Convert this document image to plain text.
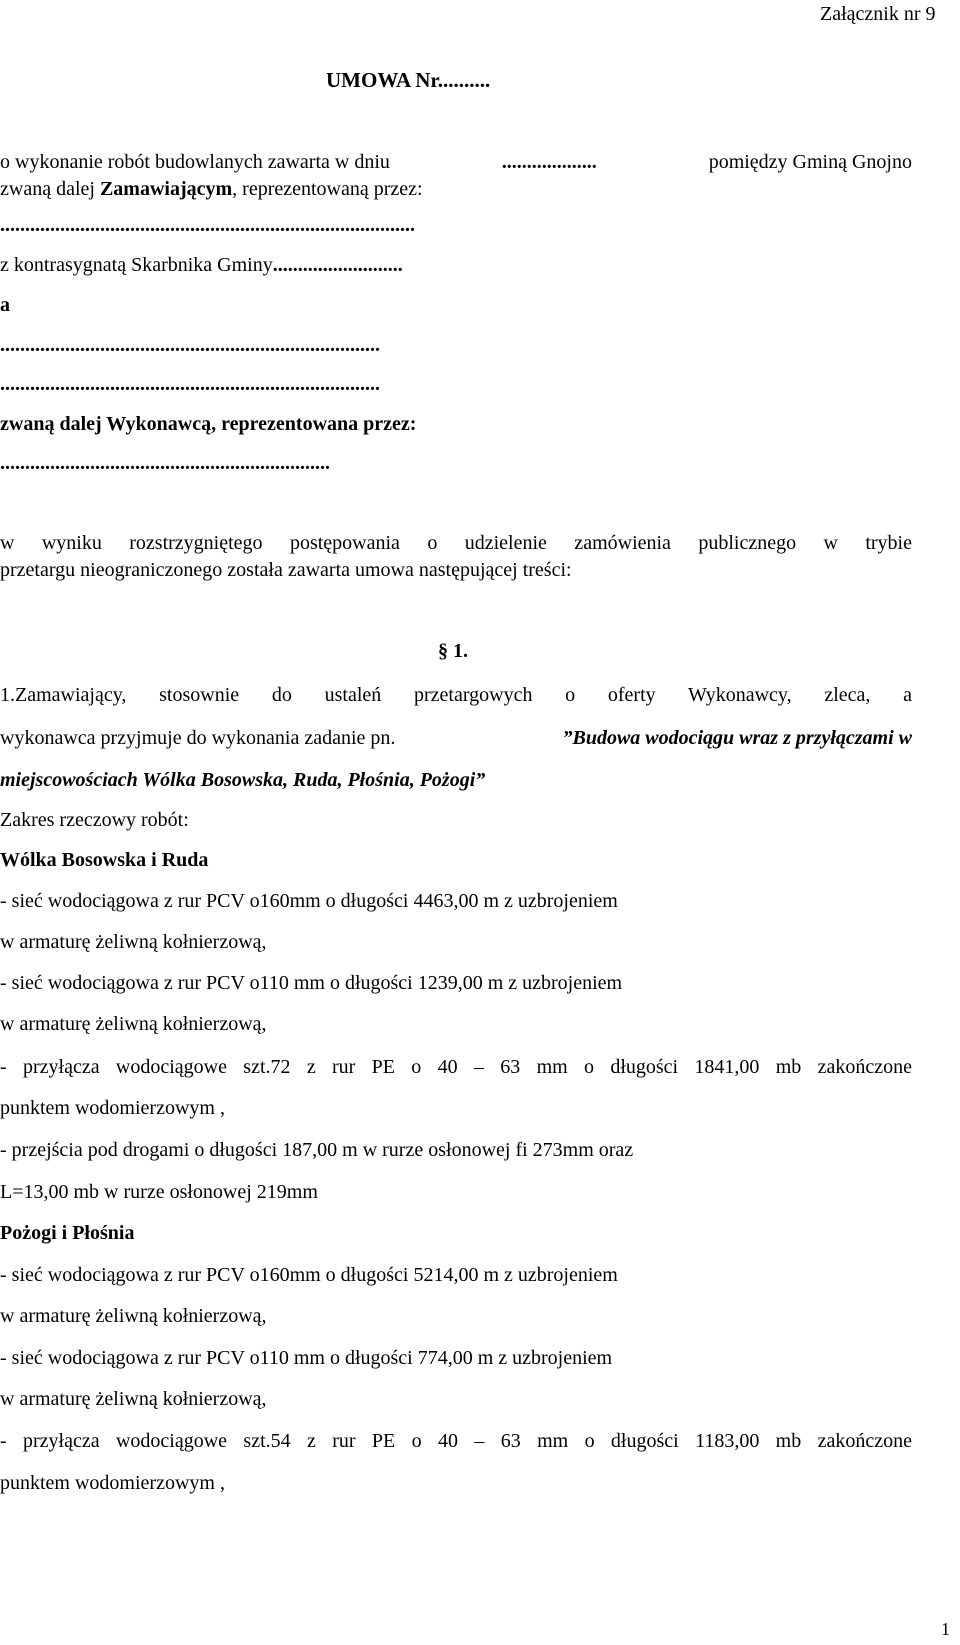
Załącznik nr 9
UMOWA Nr..........
o wykonanie robót budowlanych zawarta w dniu	...................	pomiędzy Gminą Gnojno
zwaną dalej Zamawiającym, reprezentowaną przez:
...................................................................................
z kontrasygnatą Skarbnika Gminy..........................
a
............................................................................
............................................................................
zwaną dalej Wykonawcą, reprezentowana przez:
..................................................................
w wyniku rozstrzygniętego postępowania o udzielenie zamówienia publicznego w trybie
przetargu nieograniczonego została zawarta umowa następującej treści:
§ 1.
1.Zamawiający, stosownie do ustaleń przetargowych o oferty Wykonawcy, zleca, a
wykonawca przyjmuje do wykonania zadanie pn.	”Budowa wodociągu wraz z przyłączami w
miejscowościach Wólka Bosowska, Ruda, Płośnia, Pożogi”
Zakres rzeczowy robót:
Wólka Bosowska i Ruda
- sieć wodociągowa z rur PCV o160mm o długości 4463,00 m z uzbrojeniem
w armaturę żeliwną kołnierzową,
- sieć wodociągowa z rur PCV o110 mm o długości 1239,00 m z uzbrojeniem
w armaturę żeliwną kołnierzową,
- przyłącza wodociągowe szt.72 z rur PE o 40 – 63 mm o długości 1841,00 mb zakończone
punktem wodomierzowym ,
- przejścia pod drogami o długości 187,00 m w rurze osłonowej fi 273mm oraz
L=13,00 mb w rurze osłonowej 219mm
Pożogi i Płośnia
- sieć wodociągowa z rur PCV o160mm o długości 5214,00 m z uzbrojeniem
w armaturę żeliwną kołnierzową,
- sieć wodociągowa z rur PCV o110 mm o długości 774,00 m z uzbrojeniem
w armaturę żeliwną kołnierzową,
- przyłącza wodociągowe szt.54 z rur PE o 40 – 63 mm o długości 1183,00 mb zakończone
punktem wodomierzowym ,
1
